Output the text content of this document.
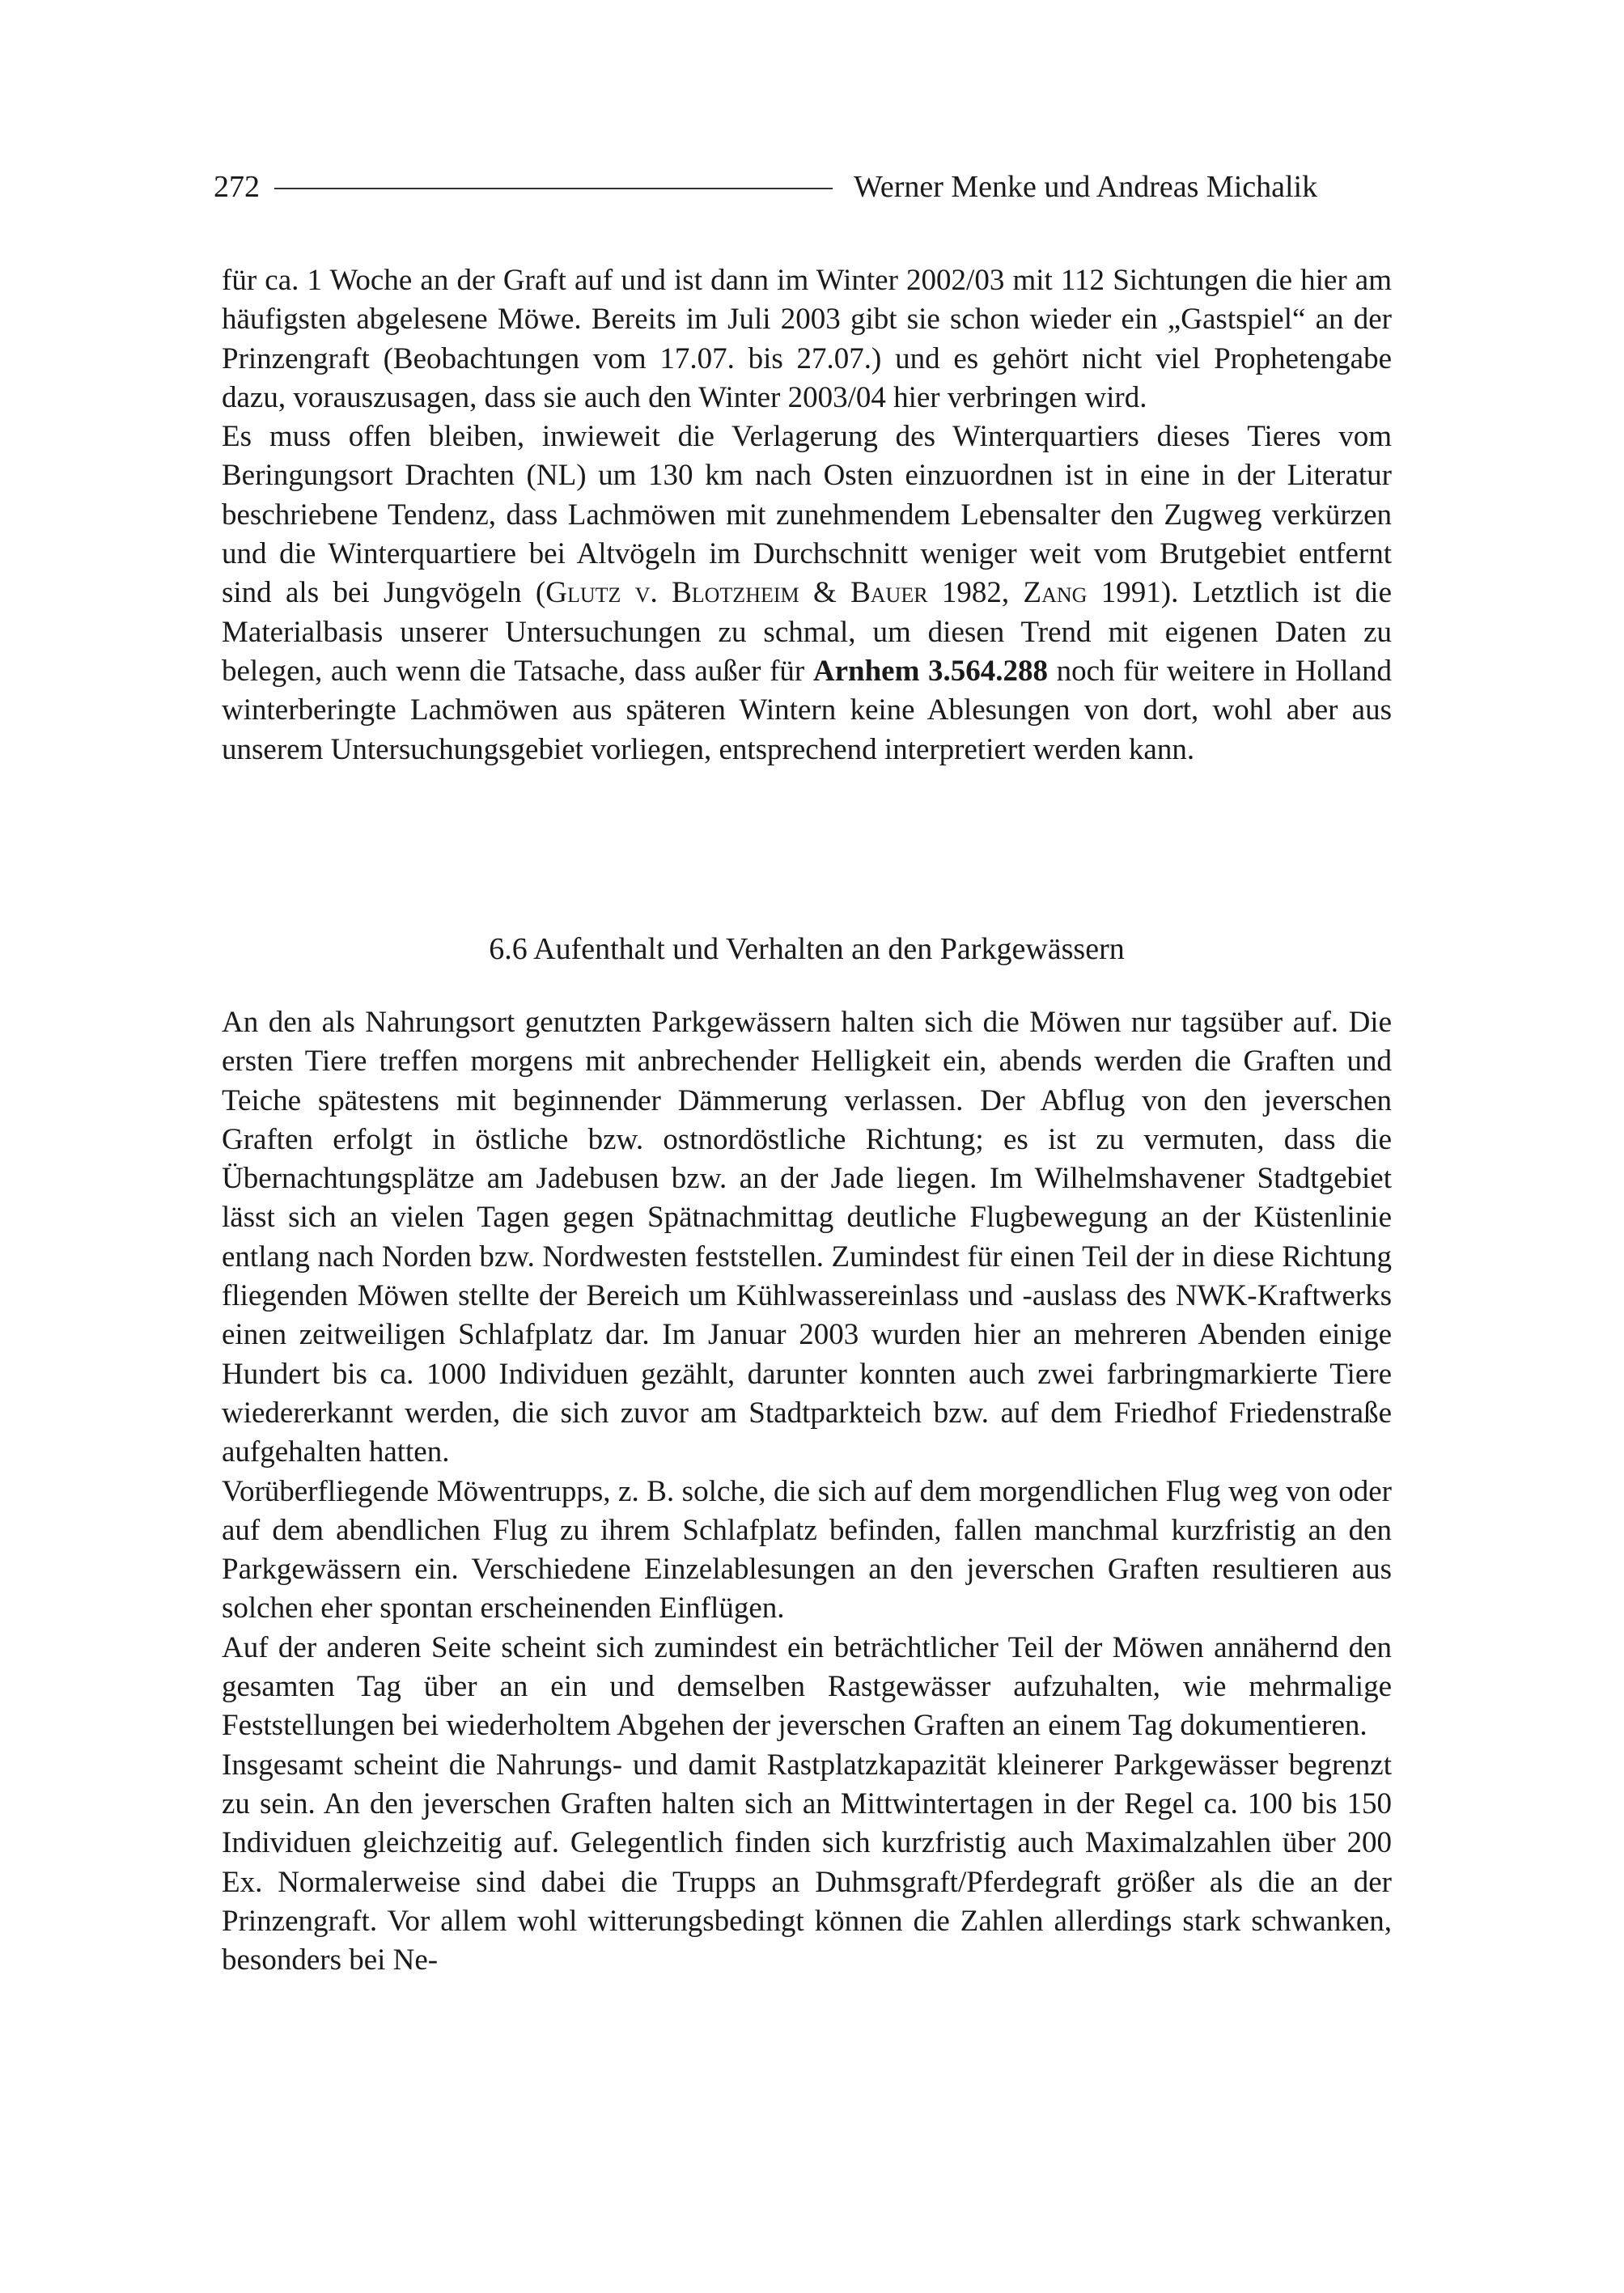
272	Werner Menke und Andreas Michalik

für ca. 1 Woche an der Graft auf und ist dann im Winter 2002/03 mit 112 Sichtungen die hier am häufigsten abgelesene Möwe. Bereits im Juli 2003 gibt sie schon wieder ein „Gastspiel“ an der Prinzengraft (Beobachtungen vom 17.07. bis 27.07.) und es gehört nicht viel Prophetengabe dazu, vorauszusagen, dass sie auch den Winter 2003/04 hier verbringen wird.

Es muss offen bleiben, inwieweit die Verlagerung des Winterquartiers dieses Tieres vom Beringungsort Drachten (NL) um 130 km nach Osten einzuordnen ist in eine in der Literatur beschriebene Tendenz, dass Lachmöwen mit zunehmendem Lebensalter den Zugweg verkürzen und die Winterquartiere bei Altvögeln im Durchschnitt weniger weit vom Brutgebiet entfernt sind als bei Jungvögeln (Glutz v. Blotzheim & Bauer 1982, Zang 1991). Letztlich ist die Materialbasis unserer Untersuchungen zu schmal, um diesen Trend mit eigenen Daten zu belegen, auch wenn die Tatsache, dass außer für Arnhem 3.564.288 noch für weitere in Holland winterberingte Lachmöwen aus späteren Wintern keine Ablesungen von dort, wohl aber aus unserem Untersuchungsgebiet vorliegen, entsprechend interpretiert werden kann.

6.6 Aufenthalt und Verhalten an den Parkgewässern

An den als Nahrungsort genutzten Parkgewässern halten sich die Möwen nur tagsüber auf. Die ersten Tiere treffen morgens mit anbrechender Helligkeit ein, abends werden die Graften und Teiche spätestens mit beginnender Dämmerung verlassen. Der Abflug von den jeverschen Graften erfolgt in östliche bzw. ostnordöstliche Richtung; es ist zu vermuten, dass die Übernachtungsplätze am Jadebusen bzw. an der Jade liegen. Im Wilhelmshavener Stadtgebiet lässt sich an vielen Tagen gegen Spätnachmittag deutliche Flugbewegung an der Küstenlinie entlang nach Norden bzw. Nordwesten feststellen. Zumindest für einen Teil der in diese Richtung fliegenden Möwen stellte der Bereich um Kühlwassereinlass und -auslass des NWK-Kraftwerks einen zeitweiligen Schlafplatz dar. Im Januar 2003 wurden hier an mehreren Abenden einige Hundert bis ca. 1000 Individuen gezählt, darunter konnten auch zwei farbringmarkierte Tiere wiedererkannt werden, die sich zuvor am Stadtparkteich bzw. auf dem Friedhof Friedenstraße aufgehalten hatten.

Vorüberfliegende Möwentrupps, z. B. solche, die sich auf dem morgendlichen Flug weg von oder auf dem abendlichen Flug zu ihrem Schlafplatz befinden, fallen manchmal kurzfristig an den Parkgewässern ein. Verschiedene Einzelablesungen an den jeverschen Graften resultieren aus solchen eher spontan erscheinenden Einflügen.

Auf der anderen Seite scheint sich zumindest ein beträchtlicher Teil der Möwen annähernd den gesamten Tag über an ein und demselben Rastgewässer aufzuhalten, wie mehrmalige Feststellungen bei wiederholtem Abgehen der jeverschen Graften an einem Tag dokumentieren.

Insgesamt scheint die Nahrungs- und damit Rastplatzkapazität kleinerer Parkgewässer begrenzt zu sein. An den jeverschen Graften halten sich an Mittwintertagen in der Regel ca. 100 bis 150 Individuen gleichzeitig auf. Gelegentlich finden sich kurzfristig auch Maximalzahlen über 200 Ex. Normalerweise sind dabei die Trupps an Duhmsgraft/Pferdegraft größer als die an der Prinzengraft. Vor allem wohl witterungsbedingt können die Zahlen allerdings stark schwanken, besonders bei Ne-
